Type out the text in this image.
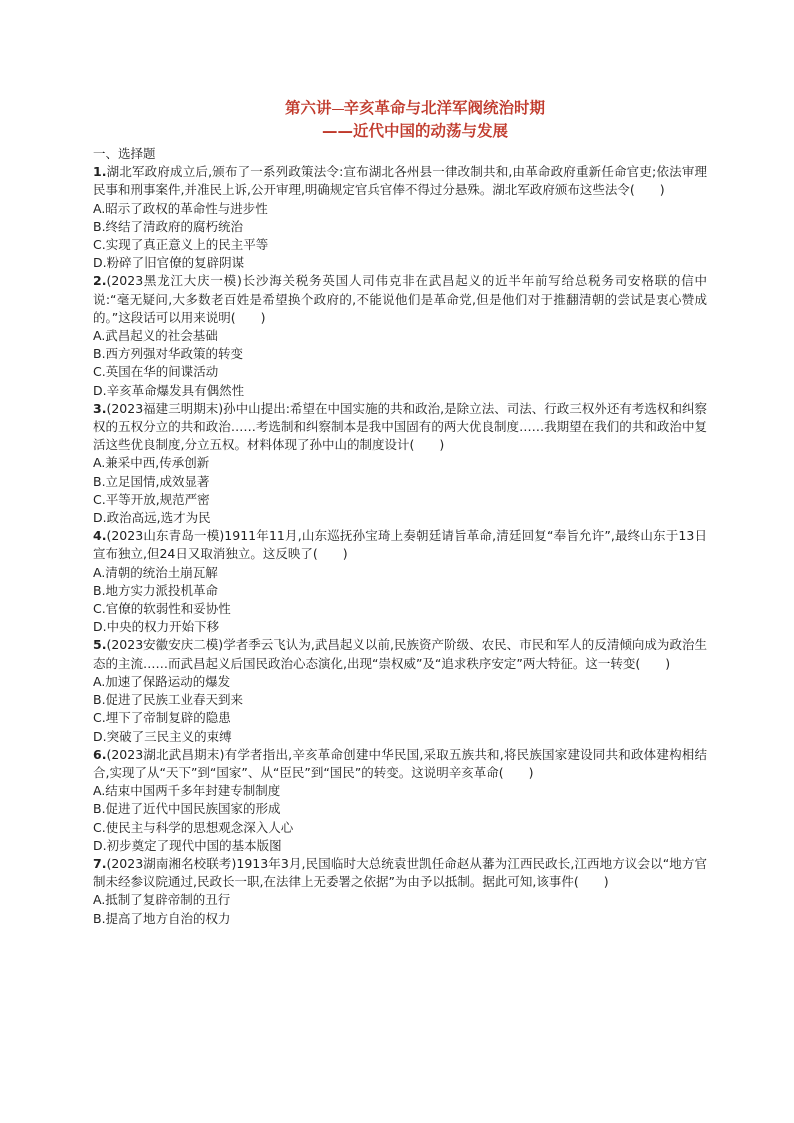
第六讲 辛亥革命与北洋军阀统治时期
——近代中国的动荡与发展
一、选择题

1.湖北军政府成立后,颁布了一系列政策法令:宣布湖北各州县一律改制共和,由革命政府重新任命官吏;依法审理民事和刑事案件,并准民上诉,公开审理,明确规定官兵官俸不得过分悬殊。湖北军政府颁布这些法令(　　)

A.昭示了政权的革命性与进步性

B.终结了清政府的腐朽统治

C.实现了真正意义上的民主平等

D.粉碎了旧官僚的复辟阴谋

2.(2023黑龙江大庆一模)长沙海关税务英国人司伟克非在武昌起义的近半年前写给总税务司安格联的信中说:“毫无疑问,大多数老百姓是希望换个政府的,不能说他们是革命党,但是他们对于推翻清朝的尝试是衷心赞成的。”这段话可以用来说明(　　)

A.武昌起义的社会基础

B.西方列强对华政策的转变

C.英国在华的间谍活动

D.辛亥革命爆发具有偶然性

3.(2023福建三明期末)孙中山提出:希望在中国实施的共和政治,是除立法、司法、行政三权外还有考选权和纠察权的五权分立的共和政治……考选制和纠察制本是我中国固有的两大优良制度……我期望在我们的共和政治中复活这些优良制度,分立五权。材料体现了孙中山的制度设计(　　)

A.兼采中西,传承创新

B.立足国情,成效显著

C.平等开放,规范严密

D.政治高远,选才为民

4.(2023山东青岛一模)1911年11月,山东巡抚孙宝琦上奏朝廷请旨革命,清廷回复“奉旨允许”,最终山东于13日宣布独立,但24日又取消独立。这反映了(　　)

A.清朝的统治土崩瓦解

B.地方实力派投机革命

C.官僚的软弱性和妥协性

D.中央的权力开始下移

5.(2023安徽安庆二模)学者季云飞认为,武昌起义以前,民族资产阶级、农民、市民和军人的反清倾向成为政治生态的主流……而武昌起义后国民政治心态演化,出现“崇权威”及“追求秩序安定”两大特征。这一转变(　　)

A.加速了保路运动的爆发

B.促进了民族工业春天到来

C.埋下了帝制复辟的隐患

D.突破了三民主义的束缚

6.(2023湖北武昌期末)有学者指出,辛亥革命创建中华民国,采取五族共和,将民族国家建设同共和政体建构相结合,实现了从“天下”到“国家”、从“臣民”到“国民”的转变。这说明辛亥革命(　　)

A.结束中国两千多年封建专制制度

B.促进了近代中国民族国家的形成

C.使民主与科学的思想观念深入人心

D.初步奠定了现代中国的基本版图

7.(2023湖南湘名校联考)1913年3月,民国临时大总统袁世凯任命赵从蕃为江西民政长,江西地方议会以“地方官制未经参议院通过,民政长一职,在法律上无委署之依据”为由予以抵制。据此可知,该事件(　　)

A.抵制了复辟帝制的丑行

B.提高了地方自治的权力
